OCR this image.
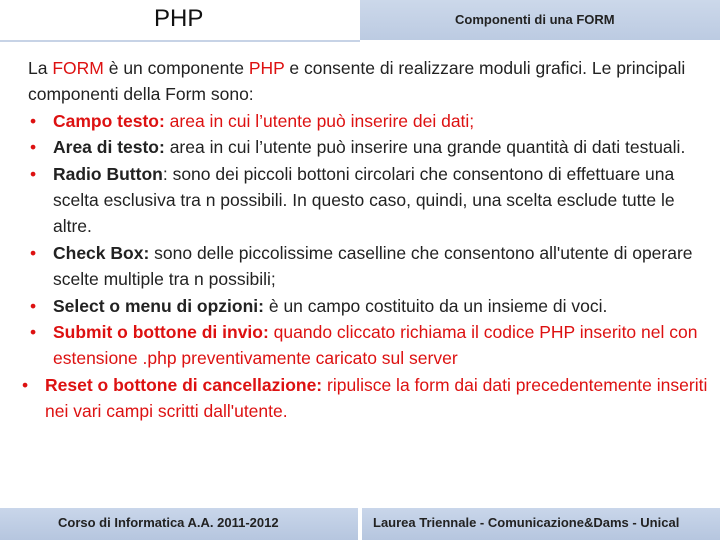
PHP	Componenti di una FORM

La FORM è un componente PHP e consente di realizzare moduli grafici. Le principali componenti della Form sono:

• Campo testo: area in cui l’utente può inserire dei dati;
• Area di testo: area in cui l’utente può inserire una grande quantità di dati testuali.
• Radio Button: sono dei piccoli bottoni circolari che consentono di effettuare una scelta esclusiva tra n possibili. In questo caso, quindi, una scelta esclude tutte le altre.
• Check Box: sono delle piccolissime caselline che consentono all'utente di operare scelte multiple tra n possibili;
• Select o menu di opzioni: è un campo costituito da un insieme di voci.
• Submit o bottone di invio: quando cliccato richiama il codice PHP inserito nel con estensione .php preventivamente caricato sul server
• Reset o bottone di cancellazione: ripulisce la form dai dati precedentemente inseriti nei vari campi scritti dall'utente.
Corso di Informatica A.A. 2011-2012	Laurea Triennale - Comunicazione&Dams - Unical
